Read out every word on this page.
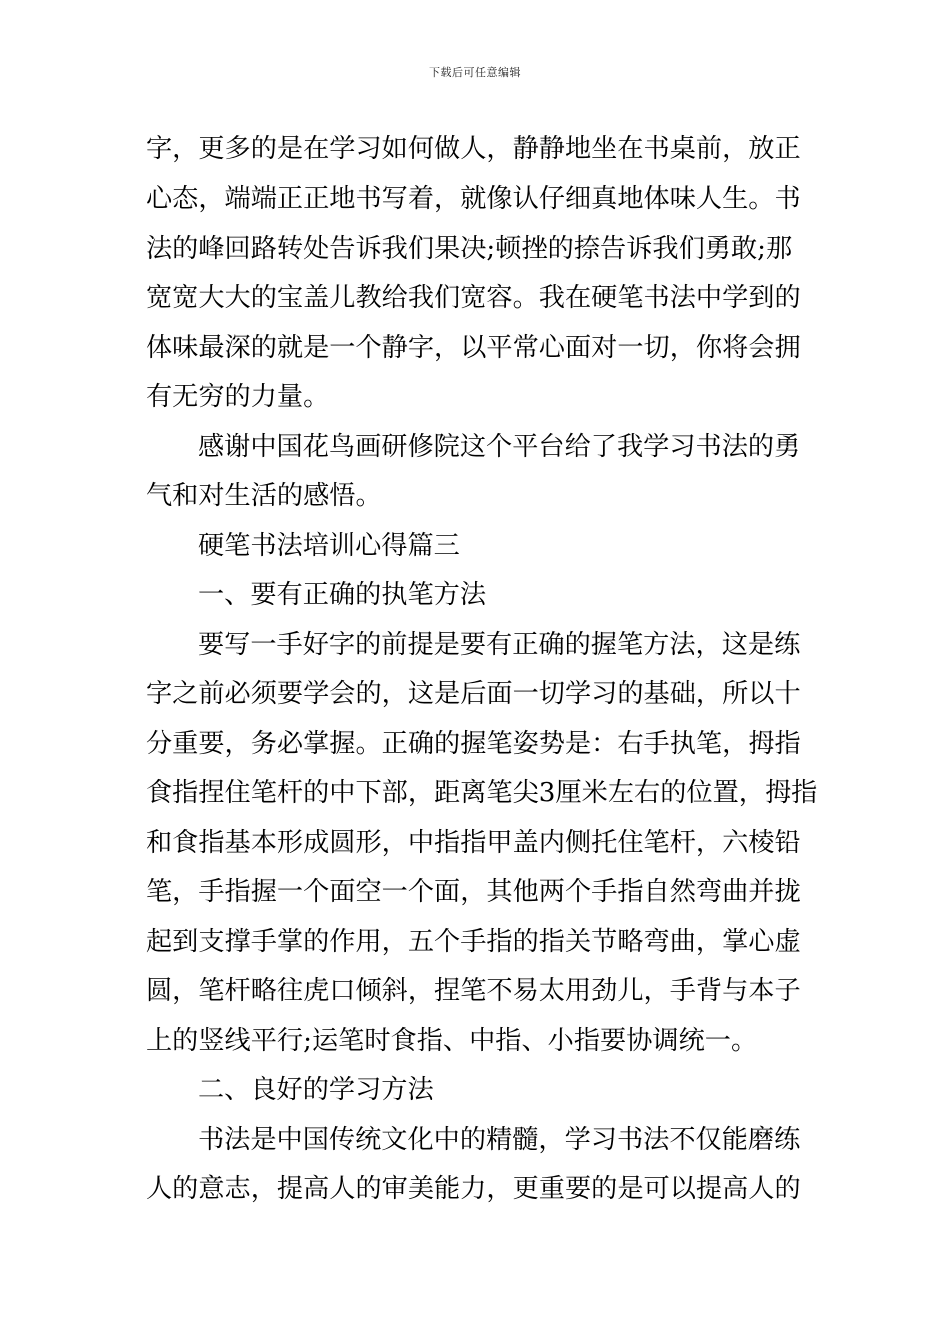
下载后可任意编辑
字，更多的是在学习如何做人，静静地坐在书桌前，放正
心态，端端正正地书写着，就像认仔细真地体味人生。书
法的峰回路转处告诉我们果决;顿挫的捺告诉我们勇敢;那
宽宽大大的宝盖儿教给我们宽容。我在硬笔书法中学到的
体味最深的就是一个静字，以平常心面对一切，你将会拥
有无穷的力量。
感谢中国花鸟画研修院这个平台给了我学习书法的勇
气和对生活的感悟。
硬笔书法培训心得篇三
一、要有正确的执笔方法
要写一手好字的前提是要有正确的握笔方法，这是练
字之前必须要学会的，这是后面一切学习的基础，所以十
分重要，务必掌握。正确的握笔姿势是：右手执笔，拇指
食指捏住笔杆的中下部，距离笔尖3厘米左右的位置，拇指
和食指基本形成圆形，中指指甲盖内侧托住笔杆，六棱铅
笔，手指握一个面空一个面，其他两个手指自然弯曲并拢
起到支撑手掌的作用，五个手指的指关节略弯曲，掌心虚
圆，笔杆略往虎口倾斜，捏笔不易太用劲儿，手背与本子
上的竖线平行;运笔时食指、中指、小指要协调统一。
二、良好的学习方法
书法是中国传统文化中的精髓，学习书法不仅能磨练
人的意志，提高人的审美能力，更重要的是可以提高人的
